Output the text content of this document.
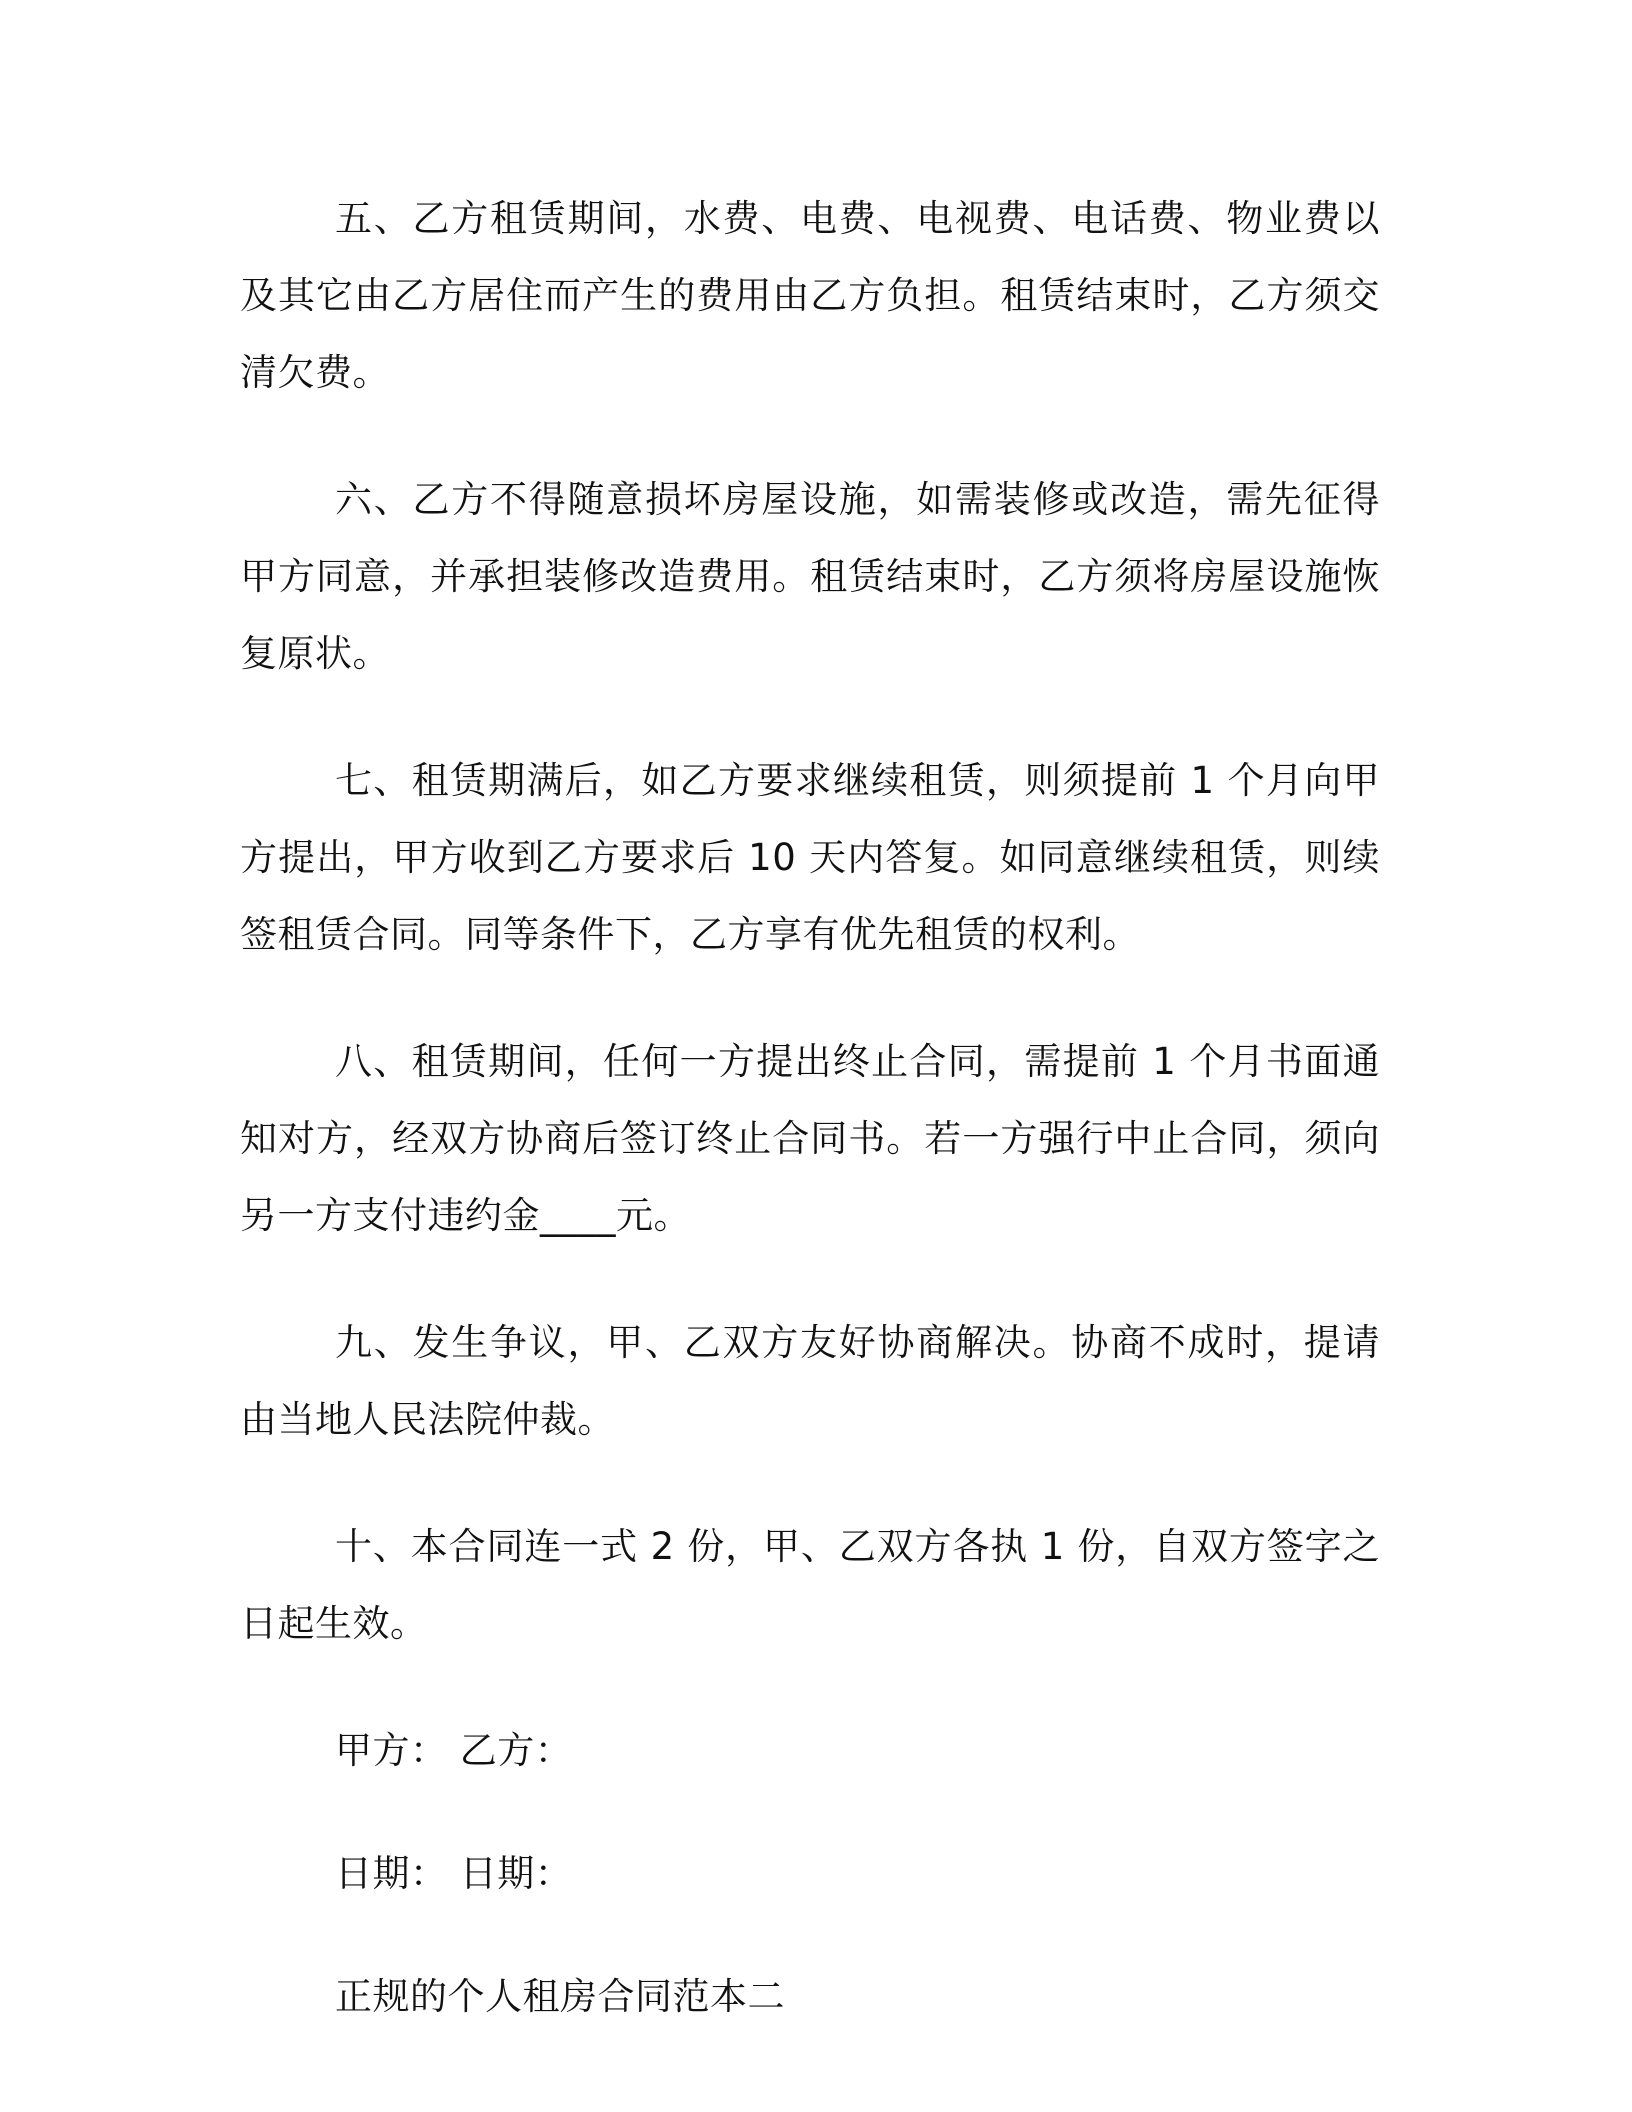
五、乙方租赁期间，水费、电费、电视费、电话费、物业费以及其它由乙方居住而产生的费用由乙方负担。租赁结束时，乙方须交清欠费。

六、乙方不得随意损坏房屋设施，如需装修或改造，需先征得甲方同意，并承担装修改造费用。租赁结束时，乙方须将房屋设施恢复原状。

七、租赁期满后，如乙方要求继续租赁，则须提前 1 个月向甲方提出，甲方收到乙方要求后 10 天内答复。如同意继续租赁，则续签租赁合同。同等条件下，乙方享有优先租赁的权利。

八、租赁期间，任何一方提出终止合同，需提前 1 个月书面通知对方，经双方协商后签订终止合同书。若一方强行中止合同，须向另一方支付违约金____元。

九、发生争议，甲、乙双方友好协商解决。协商不成时，提请由当地人民法院仲裁。

十、本合同连一式 2 份，甲、乙双方各执 1 份，自双方签字之日起生效。

甲方： 乙方：

日期： 日期：

正规的个人租房合同范本二
